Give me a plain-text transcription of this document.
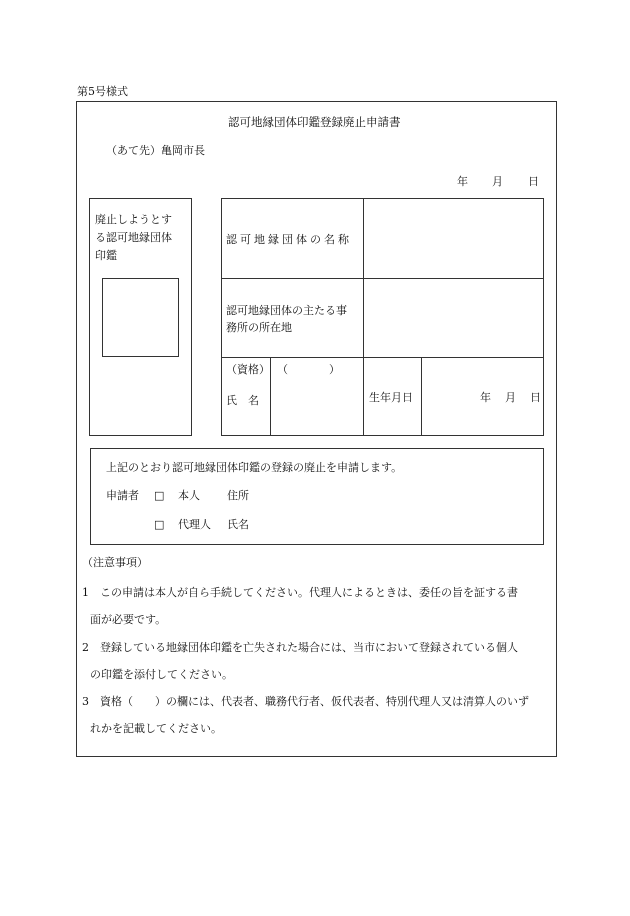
第5号様式
認可地縁団体印鑑登録廃止申請書
（あて先）亀岡市長
年 月 日
廃止しようとす
る認可地縁団体
印鑑
認可地縁団体の名称
認可地縁団体の主たる事
務所の所在地
（資格）
氏　名
（	）
生年月日	年 月 日
上記のとおり認可地縁団体印鑑の登録の廃止を申請します。
申請者 □ 本人 住所
□ 代理人 氏名
（注意事項）
1 この申請は本人が自ら手続してください。代理人によるときは、委任の旨を証する書
面が必要です。
2 登録している地縁団体印鑑を亡失された場合には、当市において登録されている個人
の印鑑を添付してください。
3 資格（　　）の欄には、代表者、職務代行者、仮代表者、特別代理人又は清算人のいず
れかを記載してください。
